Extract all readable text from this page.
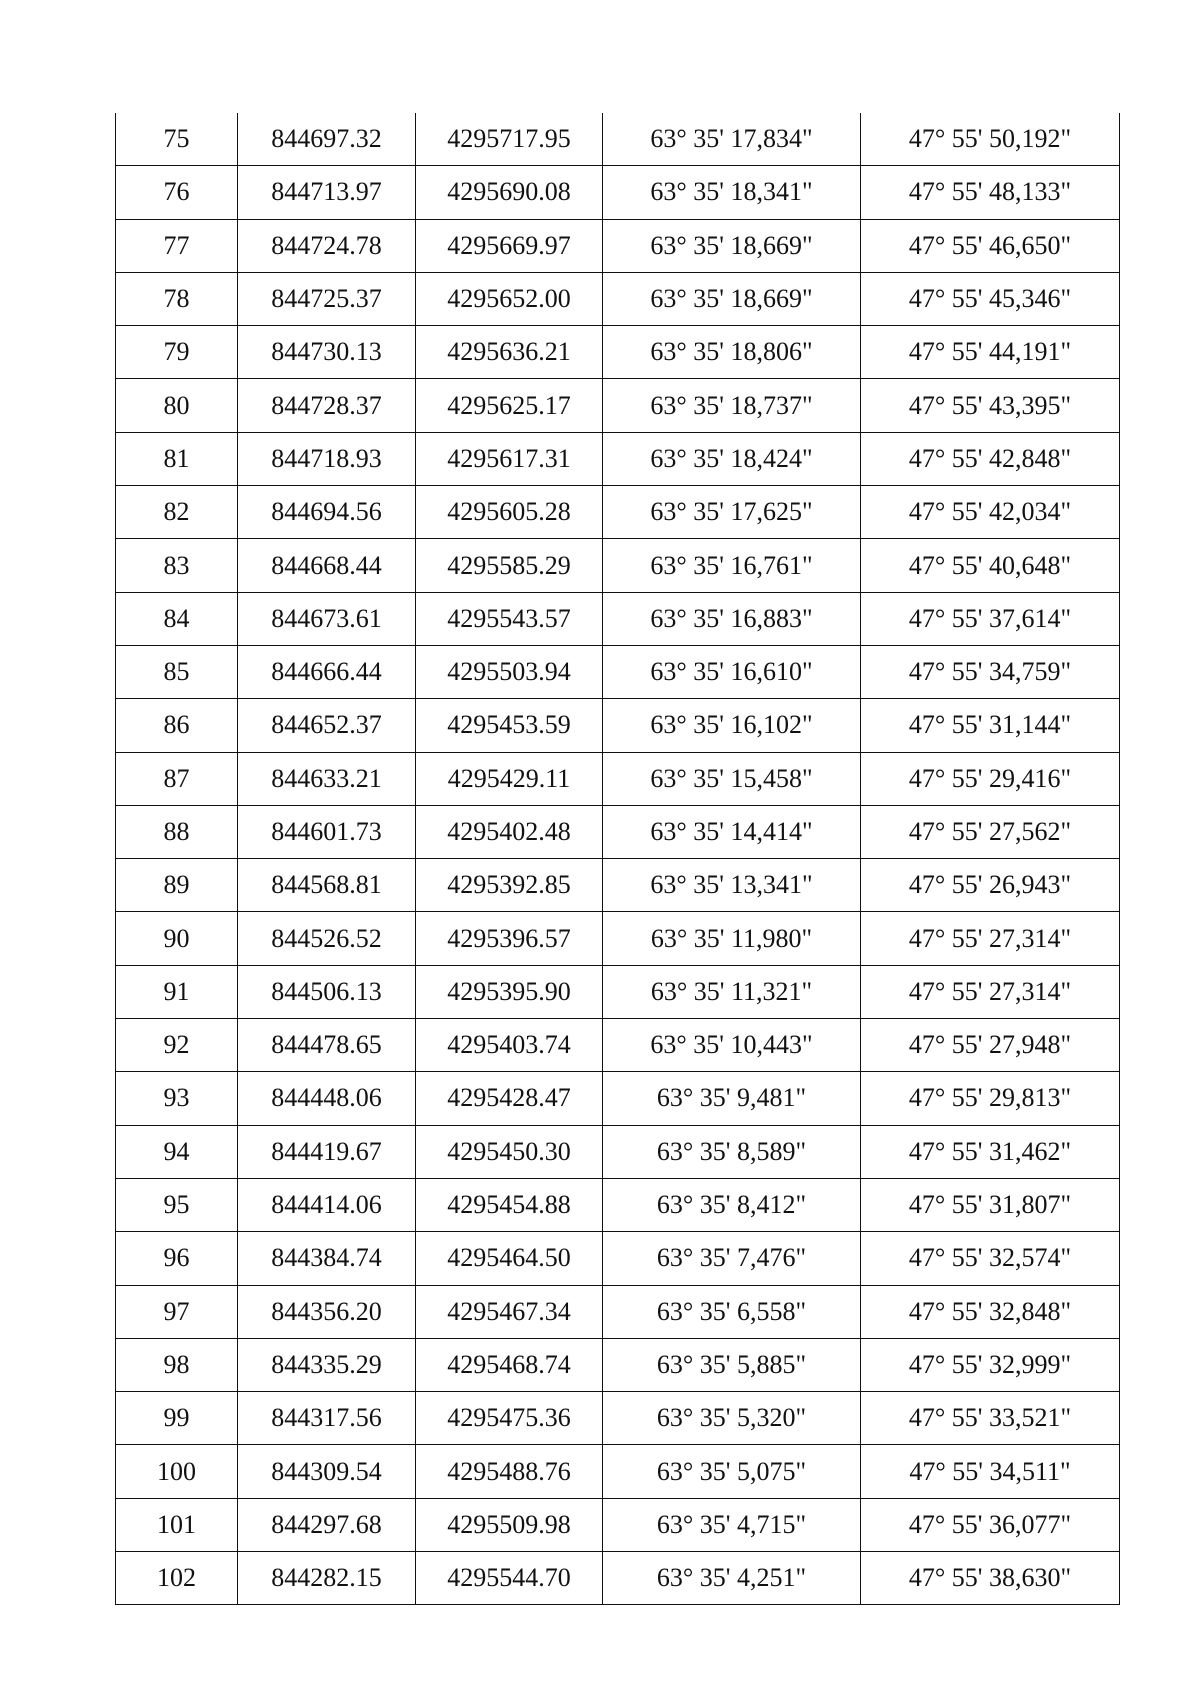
75	844697.32	4295717.95	63° 35' 17,834"	47° 55' 50,192"
76	844713.97	4295690.08	63° 35' 18,341"	47° 55' 48,133"
77	844724.78	4295669.97	63° 35' 18,669"	47° 55' 46,650"
78	844725.37	4295652.00	63° 35' 18,669"	47° 55' 45,346"
79	844730.13	4295636.21	63° 35' 18,806"	47° 55' 44,191"
80	844728.37	4295625.17	63° 35' 18,737"	47° 55' 43,395"
81	844718.93	4295617.31	63° 35' 18,424"	47° 55' 42,848"
82	844694.56	4295605.28	63° 35' 17,625"	47° 55' 42,034"
83	844668.44	4295585.29	63° 35' 16,761"	47° 55' 40,648"
84	844673.61	4295543.57	63° 35' 16,883"	47° 55' 37,614"
85	844666.44	4295503.94	63° 35' 16,610"	47° 55' 34,759"
86	844652.37	4295453.59	63° 35' 16,102"	47° 55' 31,144"
87	844633.21	4295429.11	63° 35' 15,458"	47° 55' 29,416"
88	844601.73	4295402.48	63° 35' 14,414"	47° 55' 27,562"
89	844568.81	4295392.85	63° 35' 13,341"	47° 55' 26,943"
90	844526.52	4295396.57	63° 35' 11,980"	47° 55' 27,314"
91	844506.13	4295395.90	63° 35' 11,321"	47° 55' 27,314"
92	844478.65	4295403.74	63° 35' 10,443"	47° 55' 27,948"
93	844448.06	4295428.47	63° 35' 9,481"	47° 55' 29,813"
94	844419.67	4295450.30	63° 35' 8,589"	47° 55' 31,462"
95	844414.06	4295454.88	63° 35' 8,412"	47° 55' 31,807"
96	844384.74	4295464.50	63° 35' 7,476"	47° 55' 32,574"
97	844356.20	4295467.34	63° 35' 6,558"	47° 55' 32,848"
98	844335.29	4295468.74	63° 35' 5,885"	47° 55' 32,999"
99	844317.56	4295475.36	63° 35' 5,320"	47° 55' 33,521"
100	844309.54	4295488.76	63° 35' 5,075"	47° 55' 34,511"
101	844297.68	4295509.98	63° 35' 4,715"	47° 55' 36,077"
102	844282.15	4295544.70	63° 35' 4,251"	47° 55' 38,630"
